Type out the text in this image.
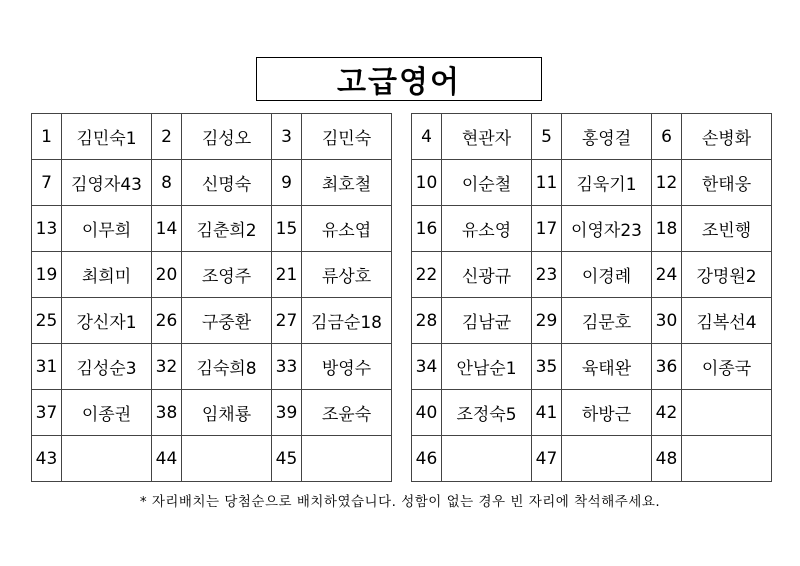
고급영어
1	김민숙1	2	김성오	3	김민숙
7	김영자43	8	신명숙	9	최호철
13	이무희	14	김춘희2	15	유소엽
19	최희미	20	조영주	21	류상호
25	강신자1	26	구중환	27	김금순18
31	김성순3	32	김숙희8	33	방영수
37	이종권	38	임채룡	39	조윤숙
43		44		45	
4	현관자	5	홍영걸	6	손병화
10	이순철	11	김욱기1	12	한태웅
16	유소영	17	이영자23	18	조빈행
22	신광규	23	이경례	24	강명원2
28	김남균	29	김문호	30	김복선4
34	안남순1	35	육태완	36	이종국
40	조정숙5	41	하방근	42	
46		47		48	
* 자리배치는 당첨순으로 배치하였습니다. 성함이 없는 경우 빈 자리에 착석해주세요.
